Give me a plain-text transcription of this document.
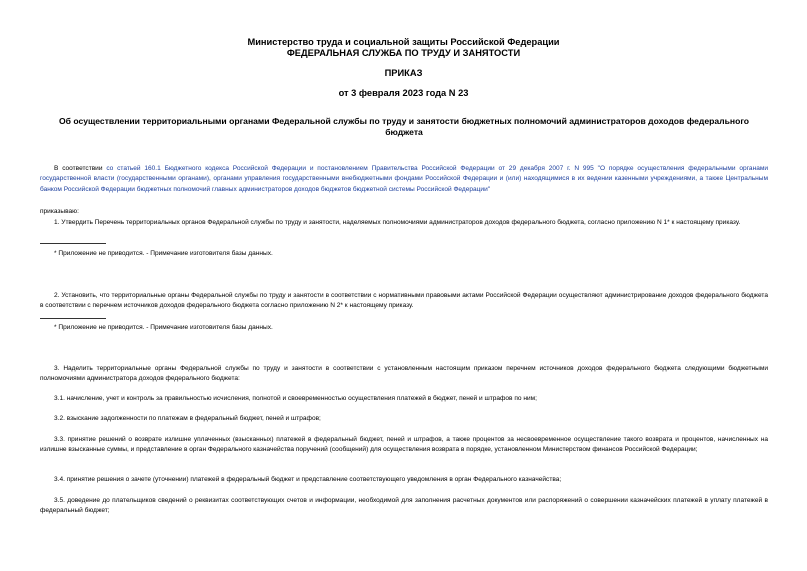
Министерство труда и социальной защиты Российской Федерации
ФЕДЕРАЛЬНАЯ СЛУЖБА ПО ТРУДУ И ЗАНЯТОСТИ
ПРИКАЗ
от 3 февраля 2023 года N 23
Об осуществлении территориальными органами Федеральной службы по труду и занятости бюджетных полномочий администраторов доходов федерального бюджета
В соответствии со статьей 160.1 Бюджетного кодекса Российской Федерации и постановлением Правительства Российской Федерации от 29 декабря 2007 г. N 995 "О порядке осуществления федеральными органами государственной власти (государственными органами), органами управления государственными внебюджетными фондами Российской Федерации и (или) находящимися в их ведении казенными учреждениями, а также Центральным банком Российской Федерации бюджетных полномочий главных администраторов доходов бюджетов бюджетной системы Российской Федерации"
приказываю:
1. Утвердить Перечень территориальных органов Федеральной службы по труду и занятости, наделяемых полномочиями администраторов доходов федерального бюджета, согласно приложению N 1* к настоящему приказу.
* Приложение не приводится. - Примечание изготовителя базы данных.
2. Установить, что территориальные органы Федеральной службы по труду и занятости в соответствии с нормативными правовыми актами Российской Федерации осуществляют администрирование доходов федерального бюджета в соответствии с перечнем источников доходов федерального бюджета согласно приложению N 2* к настоящему приказу.
* Приложение не приводится. - Примечание изготовителя базы данных.
3. Наделить территориальные органы Федеральной службы по труду и занятости в соответствии с установленным настоящим приказом перечнем источников доходов федерального бюджета следующими бюджетными полномочиями администратора доходов федерального бюджета:
3.1. начисление, учет и контроль за правильностью исчисления, полнотой и своевременностью осуществления платежей в бюджет, пеней и штрафов по ним;
3.2. взыскание задолженности по платежам в федеральный бюджет, пеней и штрафов;
3.3. принятие решений о возврате излишне уплаченных (взысканных) платежей в федеральный бюджет, пеней и штрафов, а также процентов за несвоевременное осуществление такого возврата и процентов, начисленных на излишне взысканные суммы, и представление в орган Федерального казначейства поручений (сообщений) для осуществления возврата в порядке, установленном Министерством финансов Российской Федерации;
3.4. принятие решения о зачете (уточнении) платежей в федеральный бюджет и представление соответствующего уведомления в орган Федерального казначейства;
3.5. доведение до плательщиков сведений о реквизитах соответствующих счетов и информации, необходимой для заполнения расчетных документов или распоряжений о совершении казначейских платежей в уплату платежей в федеральный бюджет;
